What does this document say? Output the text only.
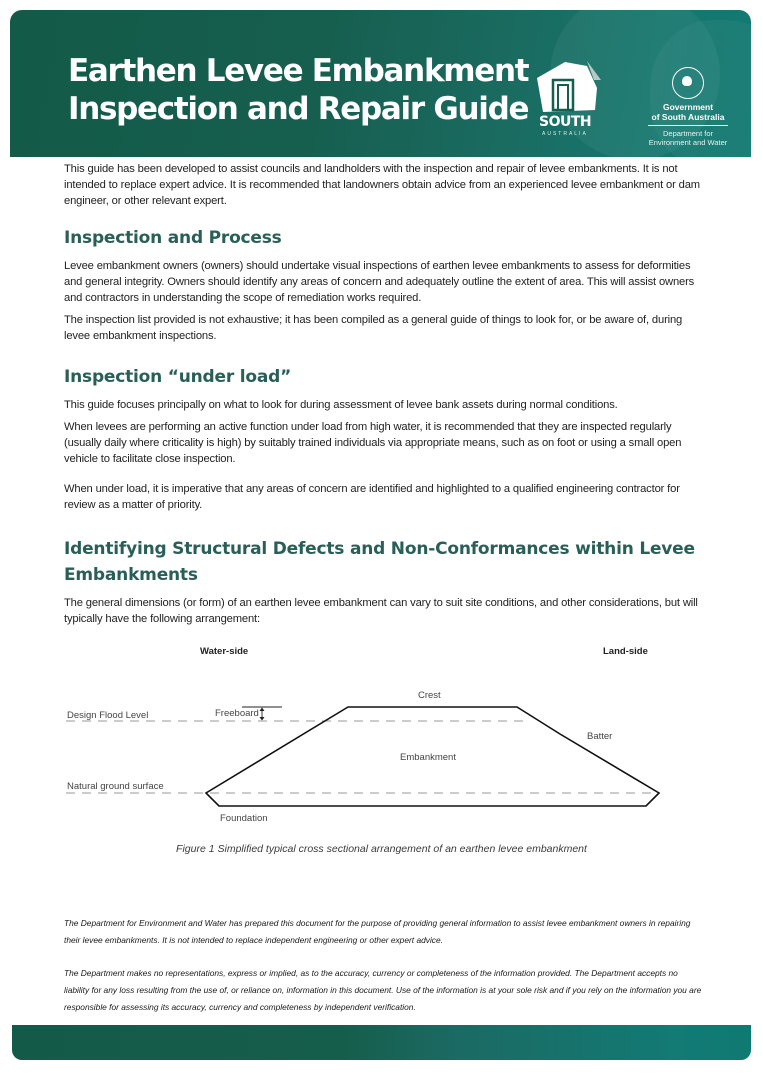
Earthen Levee Embankment
Inspection and Repair Guide SOUTH
AUSTRALIA
Government
of South Australia
Department for
Environment and Water

This guide has been developed to assist councils and landholders with the inspection and repair of levee embankments. It is not intended to replace expert advice. It is recommended that landowners obtain advice from an experienced levee embankment or dam engineer, or other relevant expert.

Inspection and Process

Levee embankment owners (owners) should undertake visual inspections of earthen levee embankments to assess for deformities and general integrity. Owners should identify any areas of concern and adequately outline the extent of area. This will assist owners and contractors in understanding the scope of remediation works required.

The inspection list provided is not exhaustive; it has been compiled as a general guide of things to look for, or be aware of, during levee embankment inspections.

Inspection “under load”

This guide focuses principally on what to look for during assessment of levee bank assets during normal conditions.

When levees are performing an active function under load from high water, it is recommended that they are inspected regularly (usually daily where criticality is high) by suitably trained individuals via appropriate means, such as on foot or using a small open vehicle to facilitate close inspection.

When under load, it is imperative that any areas of concern are identified and highlighted to a qualified engineering contractor for review as a matter of priority.

Identifying Structural Defects and Non-Conformances within Levee Embankments

The general dimensions (or form) of an earthen levee embankment can vary to suit site conditions, and other considerations, but will typically have the following arrangement:

Water-side	Land-side
Crest
Design Flood Level	Freeboard
Batter
Embankment
Natural ground surface
Foundation
Figure 1 Simplified typical cross sectional arrangement of an earthen levee embankment
The Department for Environment and Water has prepared this document for the purpose of providing general information to assist levee embankment owners in repairing their levee embankments. It is not intended to replace independent engineering or other expert advice.
The Department makes no representations, express or implied, as to the accuracy, currency or completeness of the information provided. The Department accepts no liability for any loss resulting from the use of, or reliance on, information in this document. Use of the information is at your sole risk and if you rely on the information you are responsible for assessing its accuracy, currency and completeness by independent verification.
